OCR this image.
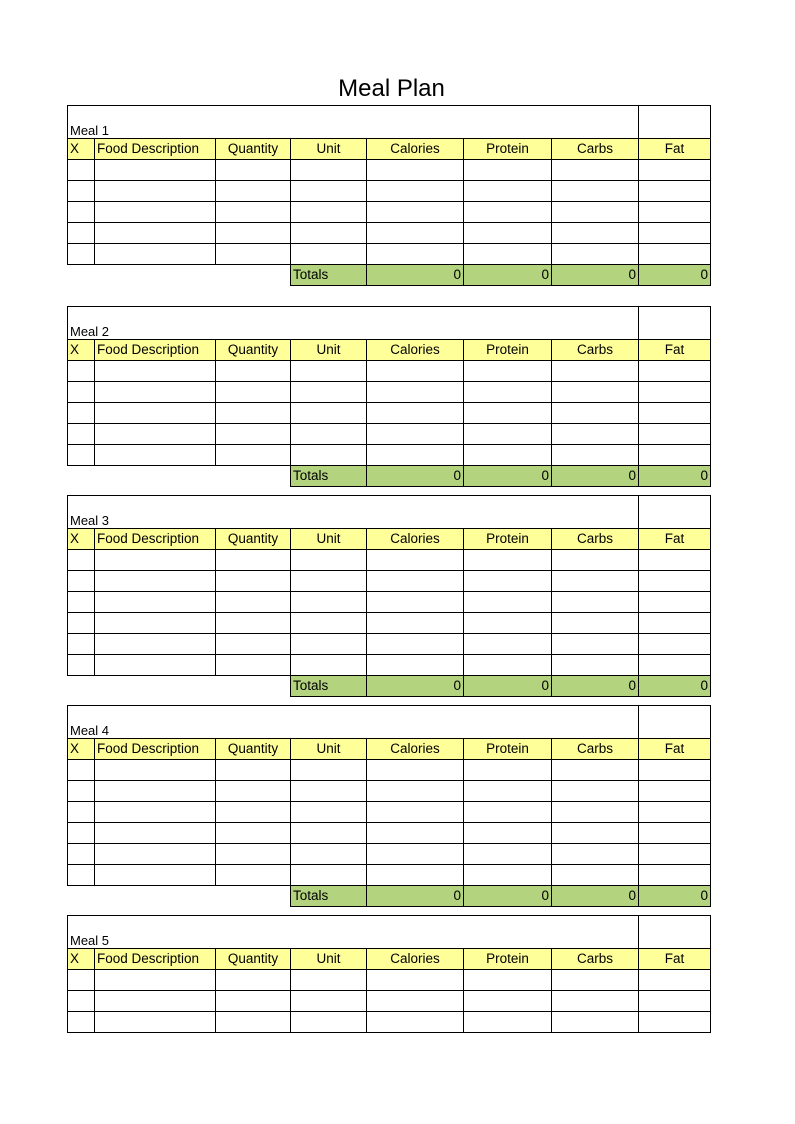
Meal Plan
Meal 1							
X	Food Description	Quantity	Unit	Calories	Protein	Carbs	Fat

			Totals	0	0	0	0
Meal 2							
X	Food Description	Quantity	Unit	Calories	Protein	Carbs	Fat

			Totals	0	0	0	0
Meal 3							
X	Food Description	Quantity	Unit	Calories	Protein	Carbs	Fat

			Totals	0	0	0	0
Meal 4							
X	Food Description	Quantity	Unit	Calories	Protein	Carbs	Fat

			Totals	0	0	0	0
Meal 5							
X	Food Description	Quantity	Unit	Calories	Protein	Carbs	Fat
